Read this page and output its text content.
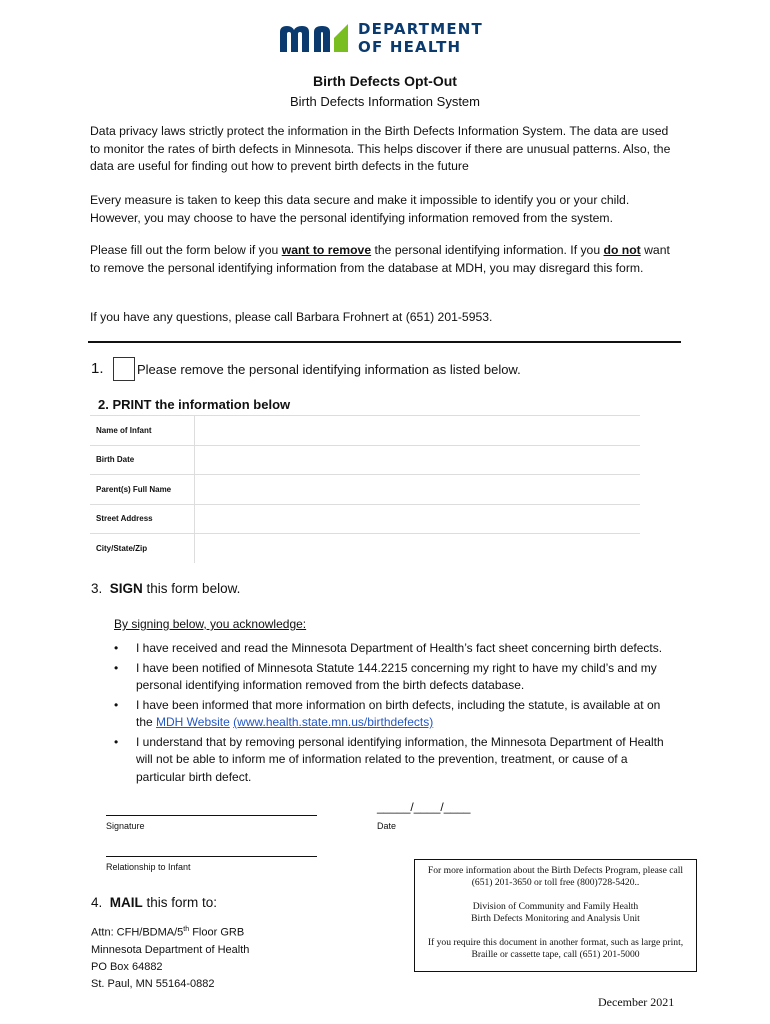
DEPARTMENT
OF HEALTH
Birth Defects Opt-Out
Birth Defects Information System
Data privacy laws strictly protect the information in the Birth Defects Information System. The data are used to monitor the rates of birth defects in Minnesota. This helps discover if there are unusual patterns. Also, the data are useful for finding out how to prevent birth defects in the future
Every measure is taken to keep this data secure and make it impossible to identify you or your child. However, you may choose to have the personal identifying information removed from the system.
Please fill out the form below if you want to remove the personal identifying information. If you do not want to remove the personal identifying information from the database at MDH, you may disregard this form.
If you have any questions, please call Barbara Frohnert at (651) 201-5953.
1.	Please remove the personal identifying information as listed below.
2. PRINT the information below
Name of Infant	
Birth Date	
Parent(s) Full Name	
Street Address	
City/State/Zip	
3. SIGN this form below.
By signing below, you acknowledge:
• I have received and read the Minnesota Department of Health’s fact sheet concerning birth defects.
• I have been notified of Minnesota Statute 144.2215 concerning my right to have my child’s and my personal identifying information removed from the birth defects database.
• I have been informed that more information on birth defects, including the statute, is available at on the MDH Website (www.health.state.mn.us/birthdefects)
• I understand that by removing personal identifying information, the Minnesota Department of Health will not be able to inform me of information related to the prevention, treatment, or cause of a particular birth defect.
Signature
_____/____/____
Date
Relationship to Infant
4. MAIL this form to:
Attn: CFH/BDMA/5th Floor GRB
Minnesota Department of Health
PO Box 64882
St. Paul, MN 55164-0882
For more information about the Birth Defects Program, please call (651) 201-3650 or toll free (800)728-5420..
Division of Community and Family Health
Birth Defects Monitoring and Analysis Unit
If you require this document in another format, such as large print, Braille or cassette tape, call (651) 201-5000
December 2021
